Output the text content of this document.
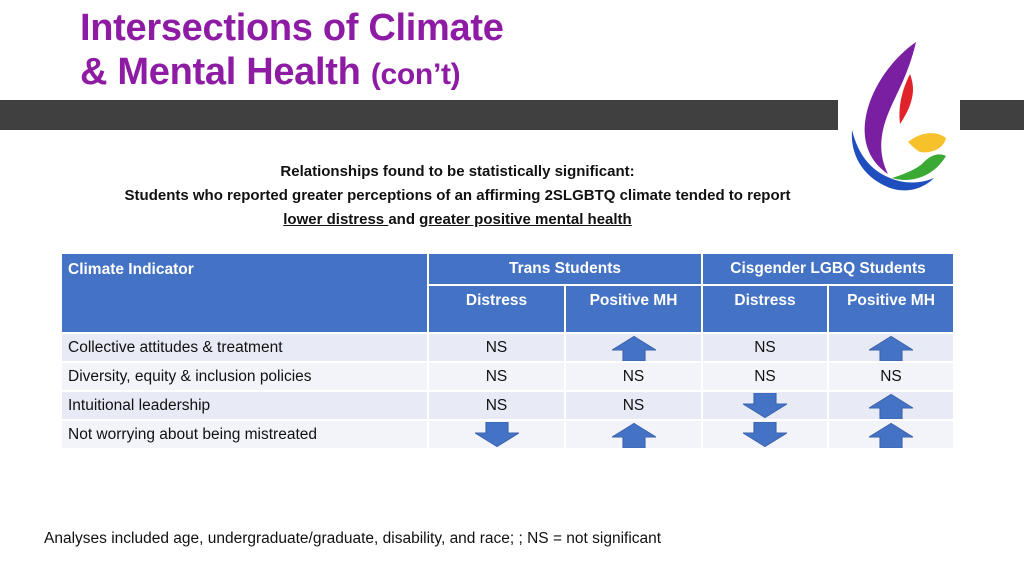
Intersections of Climate
& Mental Health (con’t)
Relationships found to be statistically significant:
Students who reported greater perceptions of an affirming 2SLGBTQ climate tended to report
lower distress and greater positive mental health
Climate Indicator	Trans Students		Cisgender LGBQ Students	
	Distress	Positive MH	Distress	Positive MH
Collective attitudes & treatment	NS		NS	

Diversity, equity & inclusion policies	NS	NS	NS	NS
Intuitional leadership	NS	NS	

Not worrying about being mistreated	

Analyses included age, undergraduate/graduate, disability, and race; ; NS = not significant
